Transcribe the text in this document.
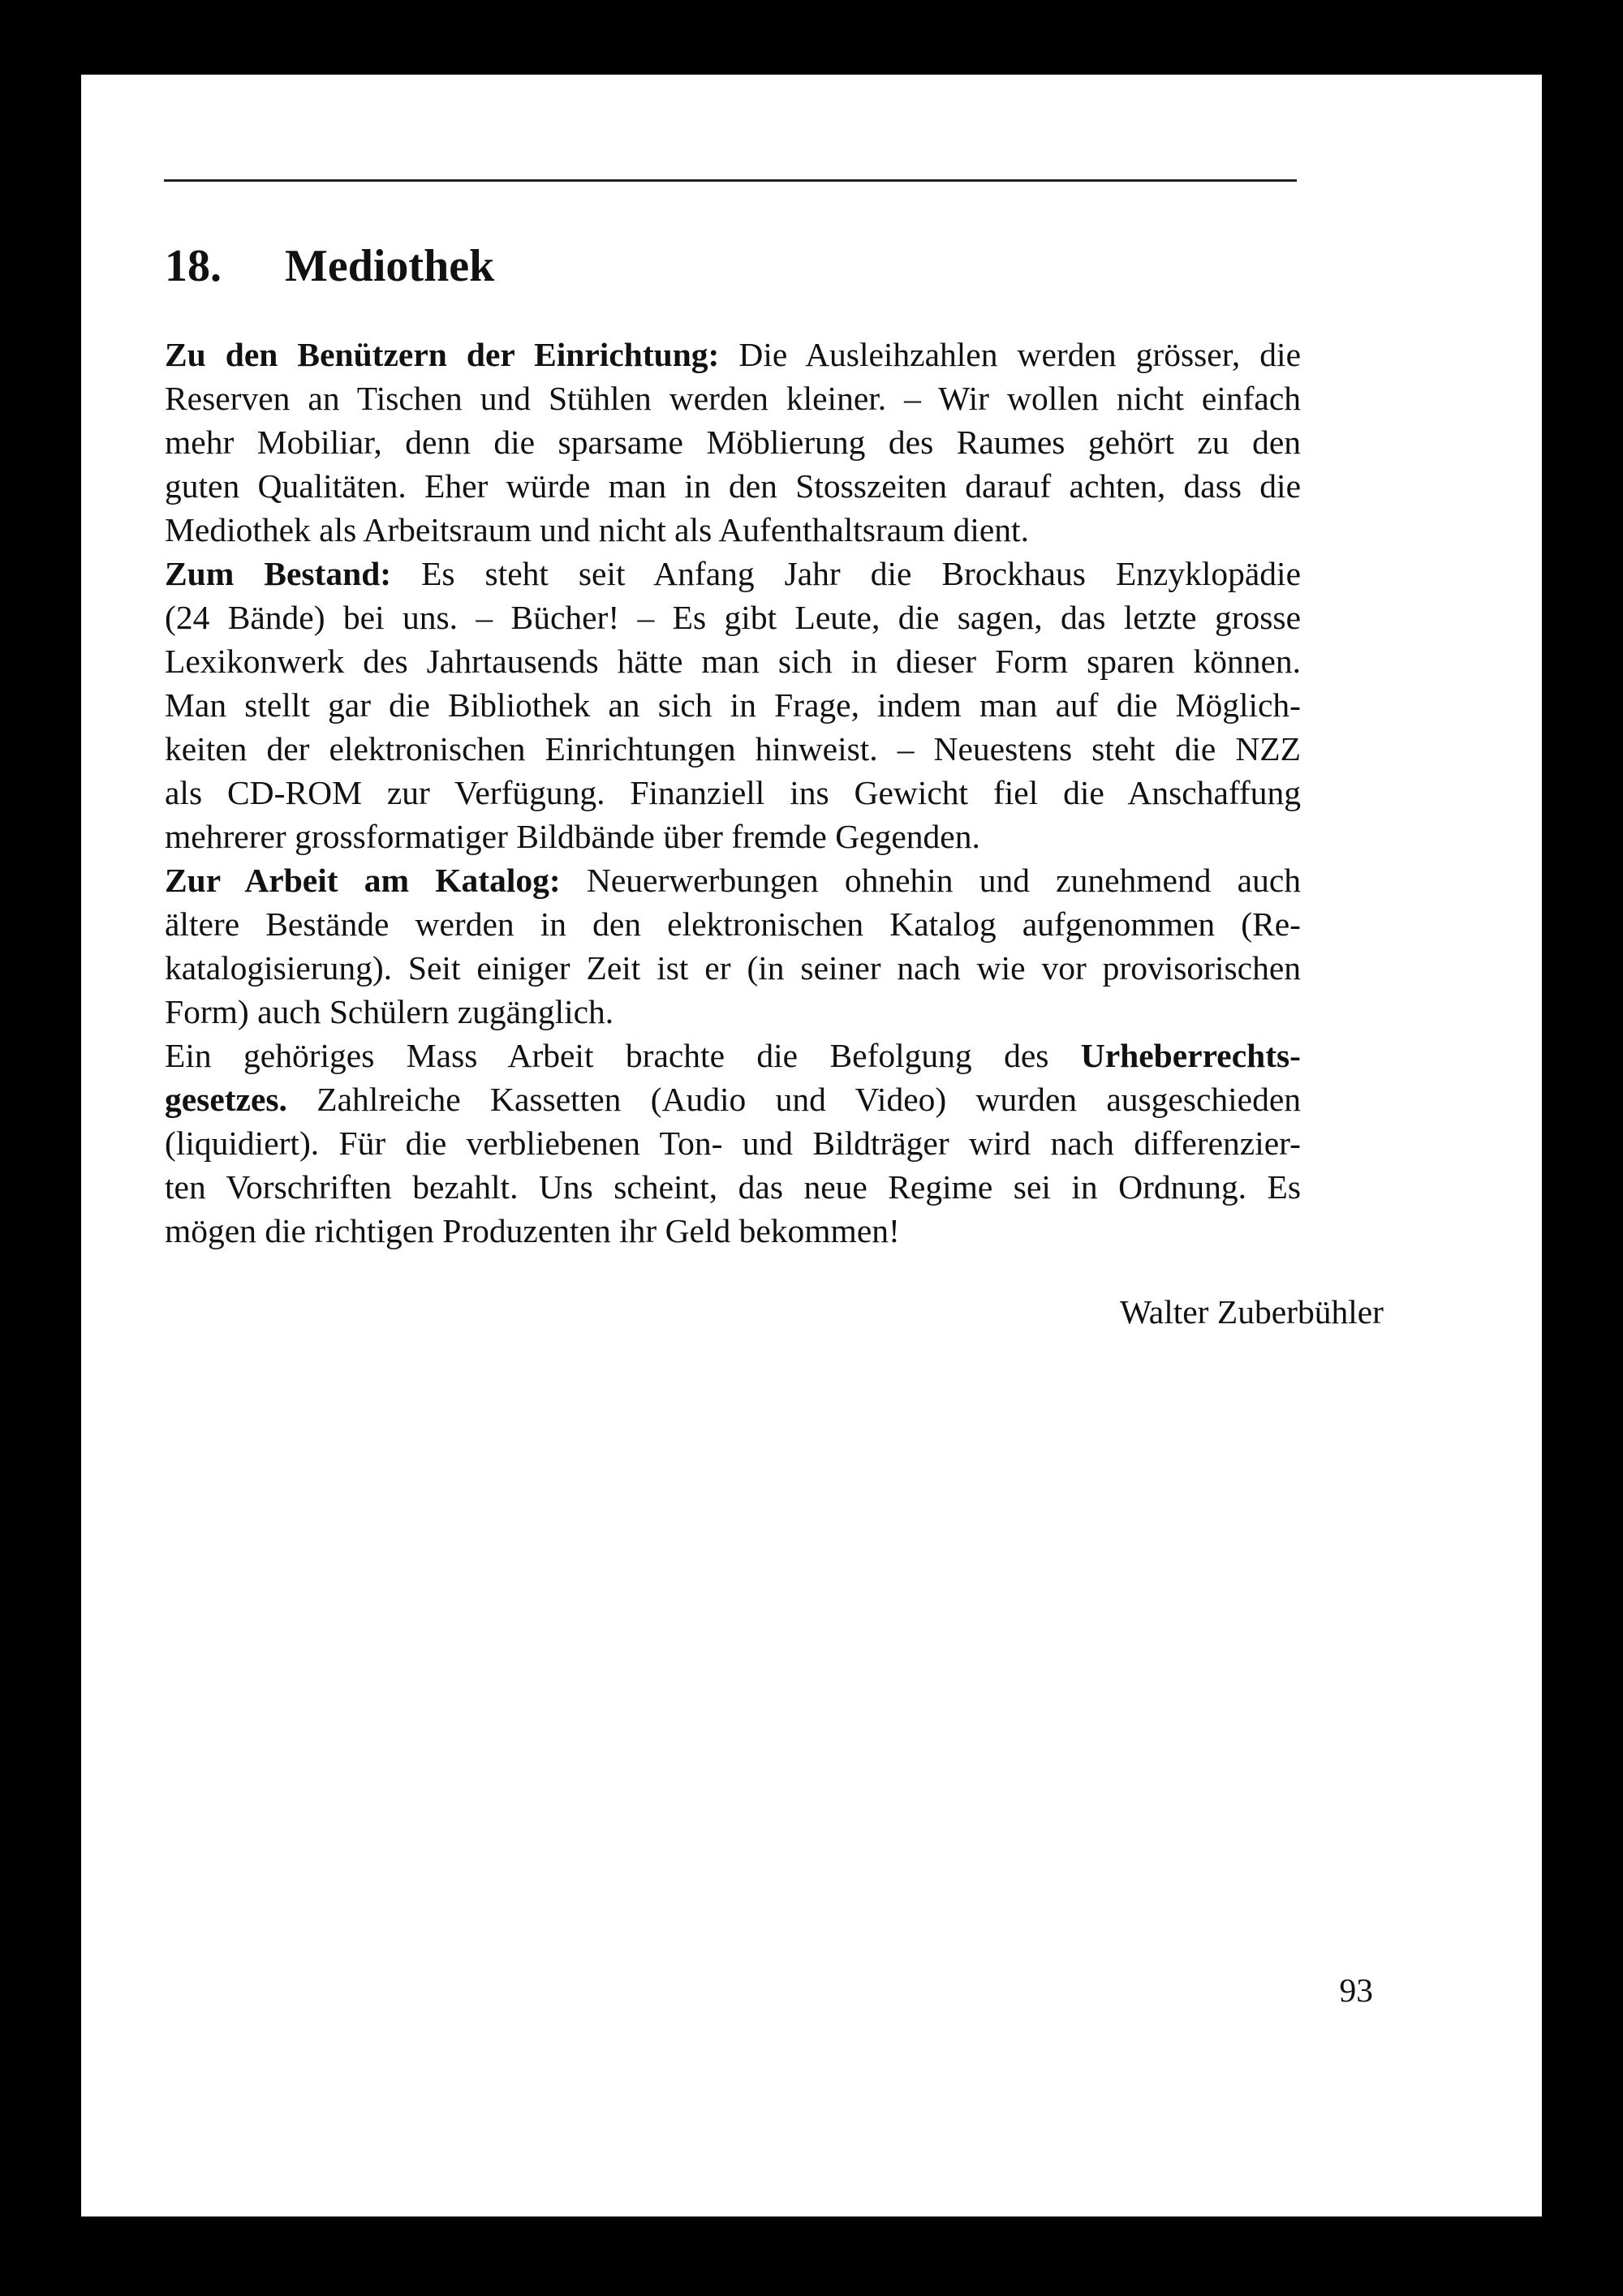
18. Mediothek
Zu den Benützern der Einrichtung: Die Ausleihzahlen werden grösser, die
Reserven an Tischen und Stühlen werden kleiner. – Wir wollen nicht einfach
mehr Mobiliar, denn die sparsame Möblierung des Raumes gehört zu den
guten Qualitäten. Eher würde man in den Stosszeiten darauf achten, dass die
Mediothek als Arbeitsraum und nicht als Aufenthaltsraum dient.
Zum Bestand: Es steht seit Anfang Jahr die Brockhaus Enzyklopädie
(24 Bände) bei uns. – Bücher! – Es gibt Leute, die sagen, das letzte grosse
Lexikonwerk des Jahrtausends hätte man sich in dieser Form sparen können.
Man stellt gar die Bibliothek an sich in Frage, indem man auf die Möglich-
keiten der elektronischen Einrichtungen hinweist. – Neuestens steht die NZZ
als CD-ROM zur Verfügung. Finanziell ins Gewicht fiel die Anschaffung
mehrerer grossformatiger Bildbände über fremde Gegenden.
Zur Arbeit am Katalog: Neuerwerbungen ohnehin und zunehmend auch
ältere Bestände werden in den elektronischen Katalog aufgenommen (Re-
katalogisierung). Seit einiger Zeit ist er (in seiner nach wie vor provisorischen
Form) auch Schülern zugänglich.
Ein gehöriges Mass Arbeit brachte die Befolgung des Urheberrechts-
gesetzes. Zahlreiche Kassetten (Audio und Video) wurden ausgeschieden
(liquidiert). Für die verbliebenen Ton- und Bildträger wird nach differenzier-
ten Vorschriften bezahlt. Uns scheint, das neue Regime sei in Ordnung. Es
mögen die richtigen Produzenten ihr Geld bekommen!
Walter Zuberbühler
93
